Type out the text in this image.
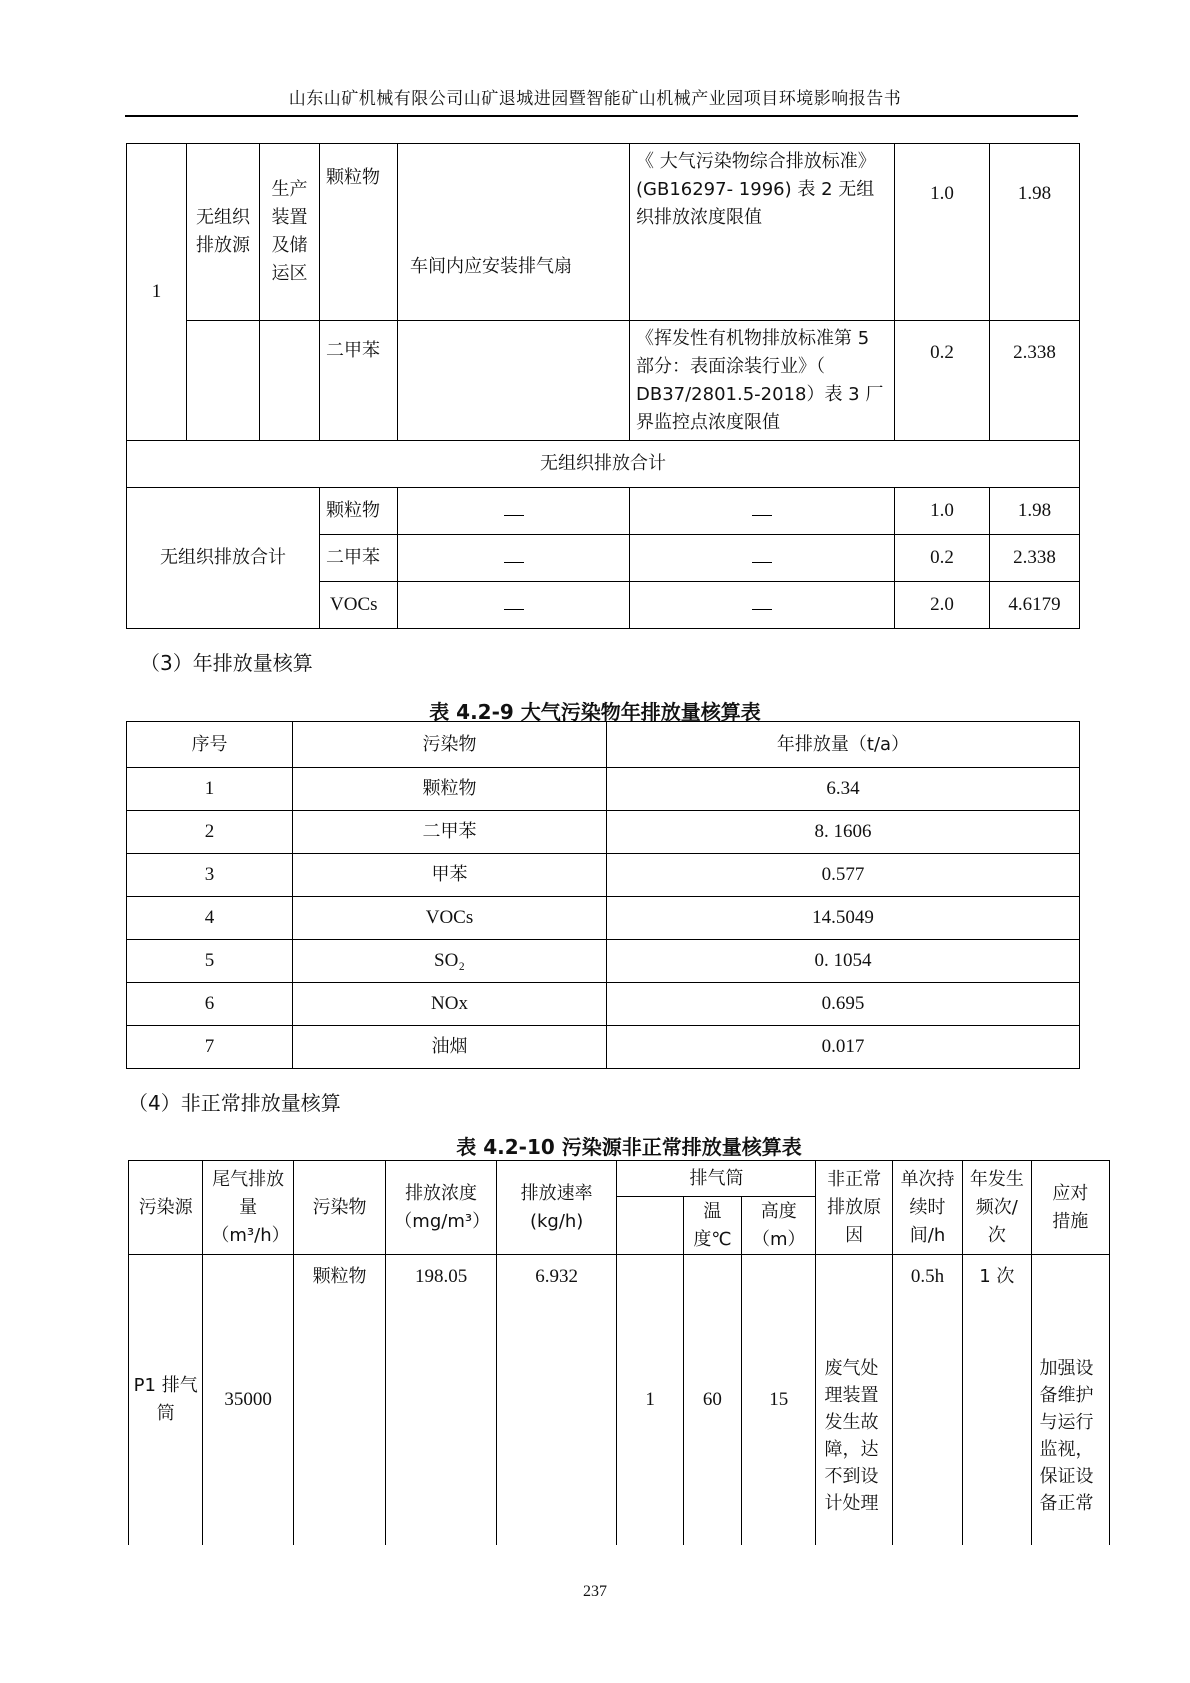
山东山矿机械有限公司山矿退城进园暨智能矿山机械产业园项目环境影响报告书
1	无组织排放源	生产装置及储运区	颗粒物	车间内应安装排气扇	《 大气污染物综合排放标准》 (GB16297- 1996) 表 2 无组织排放浓度限值	1.0	1.98
			二甲苯		《挥发性有机物排放标准第 5 部分：表面涂装行业》（ DB37/2801.5-2018）表 3 厂界监控点浓度限值	0.2	2.338
无组织排放合计							
无组织排放合计			颗粒物			1.0	1.98
			二甲苯			0.2	2.338
			VOCs			2.0	4.6179
（3）年排放量核算
表 4.2-9 大气污染物年排放量核算表
序号	污染物	年排放量（t/a）
1	颗粒物	6.34
2	二甲苯	8. 1606
3	甲苯	0.577
4	VOCs	14.5049
5	SO₂	0. 1054
6	NOx	0.695
7	油烟	0.017
（4）非正常排放量核算
表 4.2-10 污染源非正常排放量核算表
污染源	尾气排放量（m³/h）	污染物	排放浓度（mg/m³）	排放速率(kg/h)	排气筒			非正常排放原因	单次持续时间/h	年发生频次/次	应对措施
						温度℃	高度（m）				
P1 排气筒	35000	颗粒物	198.05	6.932	1	60	15	废气处理装置发生故障，达不到设计处理	0.5h	1 次	加强设备维护与运行监视，保证设备正常
237
